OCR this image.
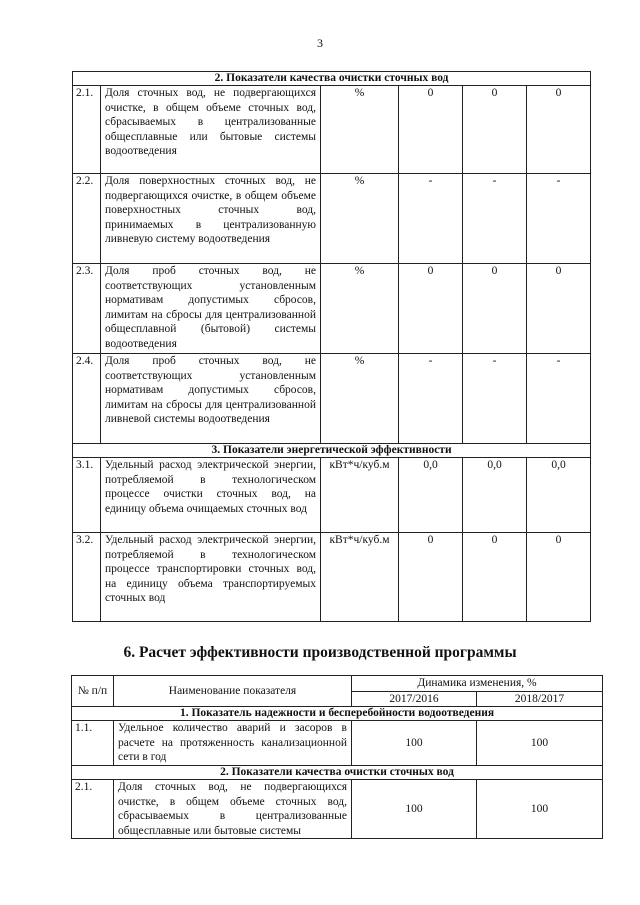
3
2. Показатели качества очистки сточных вод					
2.1.	Доля сточных вод, не подвергающихся очистке, в общем объеме сточных вод, сбрасываемых в централизованные общесплавные или бытовые системы водоотведения	%	0	0	0
2.2.	Доля поверхностных сточных вод, не подвергающихся очистке, в общем объеме поверхностных сточных вод, принимаемых в централизованную ливневую систему водоотведения	%	-	-	-
2.3.	Доля проб сточных вод, не соответствующих установленным нормативам допустимых сбросов, лимитам на сбросы для централизованной общесплавной (бытовой) системы водоотведения	%	0	0	0
2.4.	Доля проб сточных вод, не соответствующих установленным нормативам допустимых сбросов, лимитам на сбросы для централизованной ливневой системы водоотведения	%	-	-	-
3. Показатели энергетической эффективности					
3.1.	Удельный расход электрической энергии, потребляемой в технологическом процессе очистки сточных вод, на единицу объема очищаемых сточных вод	кВт*ч/куб.м	0,0	0,0	0,0
3.2.	Удельный расход электрической энергии, потребляемой в технологическом процессе транспортировки сточных вод, на единицу объема транспортируемых сточных вод	кВт*ч/куб.м	0	0	0
6. Расчет эффективности производственной программы
№ п/п	Наименование показателя	Динамика изменения, %	
		2017/2016	2018/2017
1. Показатель надежности и бесперебойности водоотведения			
1.1.	Удельное количество аварий и засоров в расчете на протяженность канализационной сети в год	100	100
2. Показатели качества очистки сточных вод			
2.1.	Доля сточных вод, не подвергающихся очистке, в общем объеме сточных вод, сбрасываемых в централизованные общесплавные или бытовые системы	100	100
